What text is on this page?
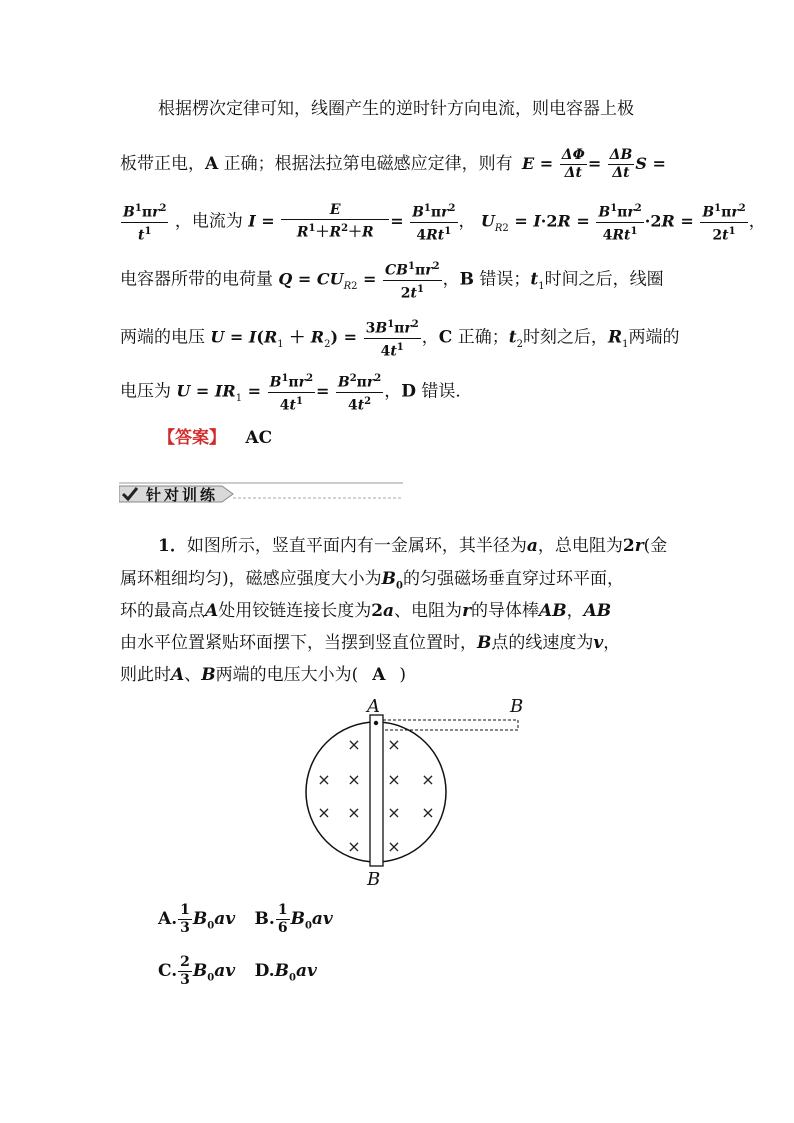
根据楞次定律可知，线圈产生的逆时针方向电流，则电容器上极
板带正电，A 正确；根据法拉第电磁感应定律，则有 $E = \frac{\Delta\Phi}{\Delta t} = \frac{\Delta B}{\Delta t}$ S =
$\frac{B^1\pi r^2}{t^1}$ ，电流为 $I = \frac{E}{R^1+R^2+R} = \frac{B^1\pi r^2}{4Rt^1}$ ， $U_{R2} = I\cdot 2R = \frac{B^1\pi r^2}{4Rt^1} \cdot 2R = \frac{B^1\pi r^2}{2t^1}$ ，
电容器所带的电荷量 $Q = CU_{R2} = \frac{CB^1\pi r^2}{2t^1}$ ，B 错误；$t_1$时间之后，线圈
两端的电压 $U = I(R_1 + R_2) = \frac{3B^1\pi r^2}{4t^1}$ ，C 正确；$t_2$时刻之后，$R_1$两端的
电压为 $U = IR_1 = \frac{B^1\pi r^2}{4t^1} = \frac{B^2\pi r^2}{4t^2}$ ，D 错误．
【答案】 AC
针对训练
1．如图所示，竖直平面内有一金属环，其半径为a，总电阻为2r(金
属环粗细均匀)，磁感应强度大小为$B_0$的匀强磁场垂直穿过环平面，
环的最高点A处用铰链连接长度为2a、电阻为r的导体棒AB，AB
由水平位置紧贴环面摆下，当摆到竖直位置时，B点的线速度为v，
则此时A、B两端的电压大小为( A )
× ×
× × × ×
× × × ×
× ×
A	B
B
A. $\frac{1}{3} B_0av$ B. $\frac{1}{6} B_0av$
C. $\frac{2}{3} B_0av$ $D.B_0av$
